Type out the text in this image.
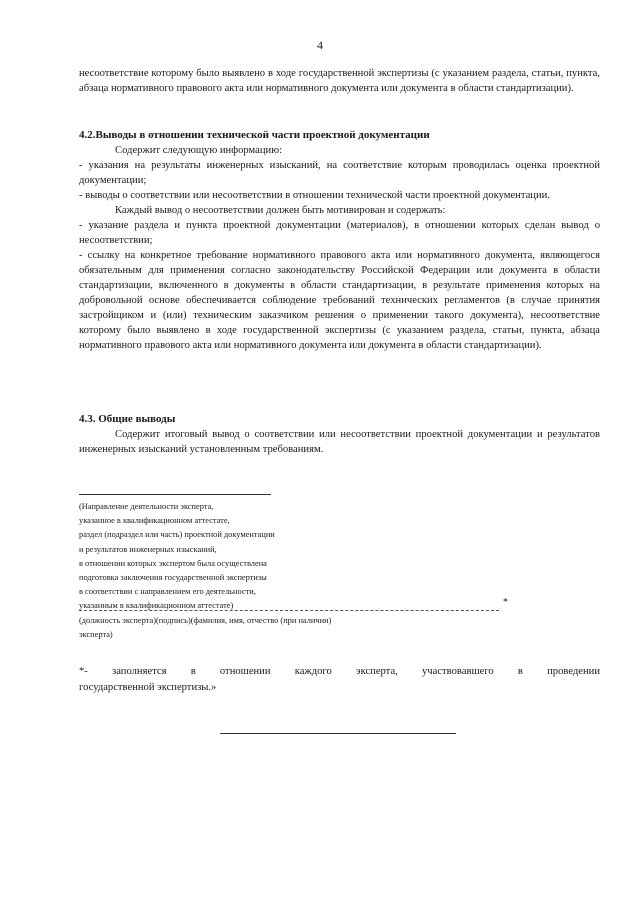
4

несоответствие которому было выявлено в ходе государственной экспертизы (с указанием раздела, статьи, пункта, абзаца нормативного правового акта или нормативного документа или документа в области стандартизации).

4.2.Выводы в отношении технической части проектной документации

Содержит следующую информацию:

- указания на результаты инженерных изысканий, на соответствие которым проводилась оценка проектной документации;

- выводы о соответствии или несоответствии в отношении технической части проектной документации.

Каждый вывод о несоответствии должен быть мотивирован и содержать:

- указание раздела и пункта проектной документации (материалов), в отношении которых сделан вывод о несоответствии;

- ссылку на конкретное требование нормативного правового акта или нормативного документа, являющегося обязательным для применения согласно законодательству Российской Федерации или документа в области стандартизации, включенного в документы в области стандартизации, в результате применения которых на добровольной основе обеспечивается соблюдение требований технических регламентов (в случае принятия застройщиком и (или) техническим заказчиком решения о применении такого документа), несоответствие которому было выявлено в ходе государственной экспертизы (с указанием раздела, статьи, пункта, абзаца нормативного правового акта или нормативного документа или документа в области стандартизации).

4.3. Общие выводы

Содержит итоговый вывод о соответствии или несоответствии проектной документации и результатов инженерных изысканий установленным требованиям.

(Направление деятельности эксперта,
указанное в квалификационном аттестате,
раздел (подраздел или часть) проектной документации
и результатов инженерных изысканий,
в отношении которых экспертом была осуществлена
подготовка заключения государственной экспертизы
в соответствии с направлением его деятельности,
указанным в квалификационном аттестате)	*
(должность эксперта)(подпись)(фамилия, имя, отчество (при наличии)
эксперта)

*- заполняется в отношении каждого эксперта, участвовавшего в проведении

государственной экспертизы.»
